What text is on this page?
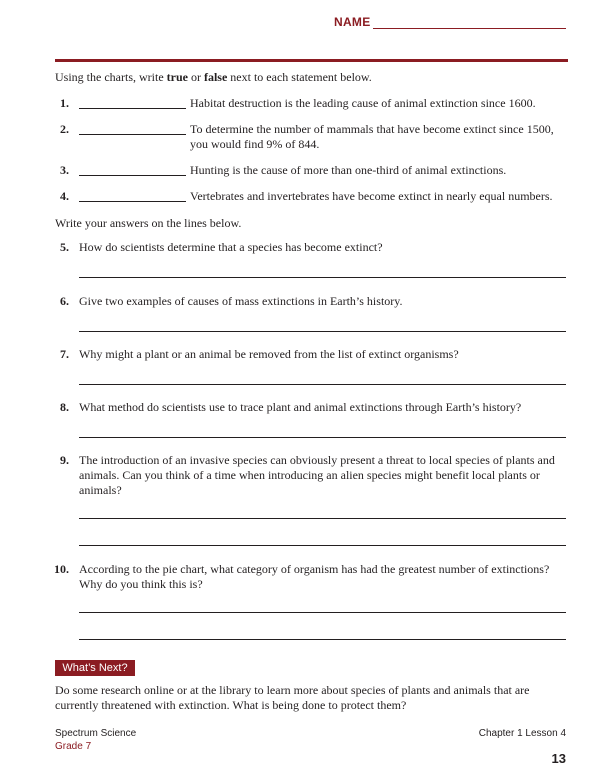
NAME
Using the charts, write true or false next to each statement below.
1.	Habitat destruction is the leading cause of animal extinction since 1600.
2.	To determine the number of mammals that have become extinct since 1500,
you would find 9% of 844.
3.	Hunting is the cause of more than one-third of animal extinctions.
4.	Vertebrates and invertebrates have become extinct in nearly equal numbers.
Write your answers on the lines below.
5. How do scientists determine that a species has become extinct?
6. Give two examples of causes of mass extinctions in Earth’s history.
7. Why might a plant or an animal be removed from the list of extinct organisms?
8. What method do scientists use to trace plant and animal extinctions through Earth’s history?
9. The introduction of an invasive species can obviously present a threat to local species of plants and
animals. Can you think of a time when introducing an alien species might benefit local plants or
animals?
10. According to the pie chart, what category of organism has had the greatest number of extinctions?
Why do you think this is?
What’s Next?
Do some research online or at the library to learn more about species of plants and animals that are
currently threatened with extinction. What is being done to protect them?
Spectrum Science
Grade 7
Chapter 1 Lesson 4
13
